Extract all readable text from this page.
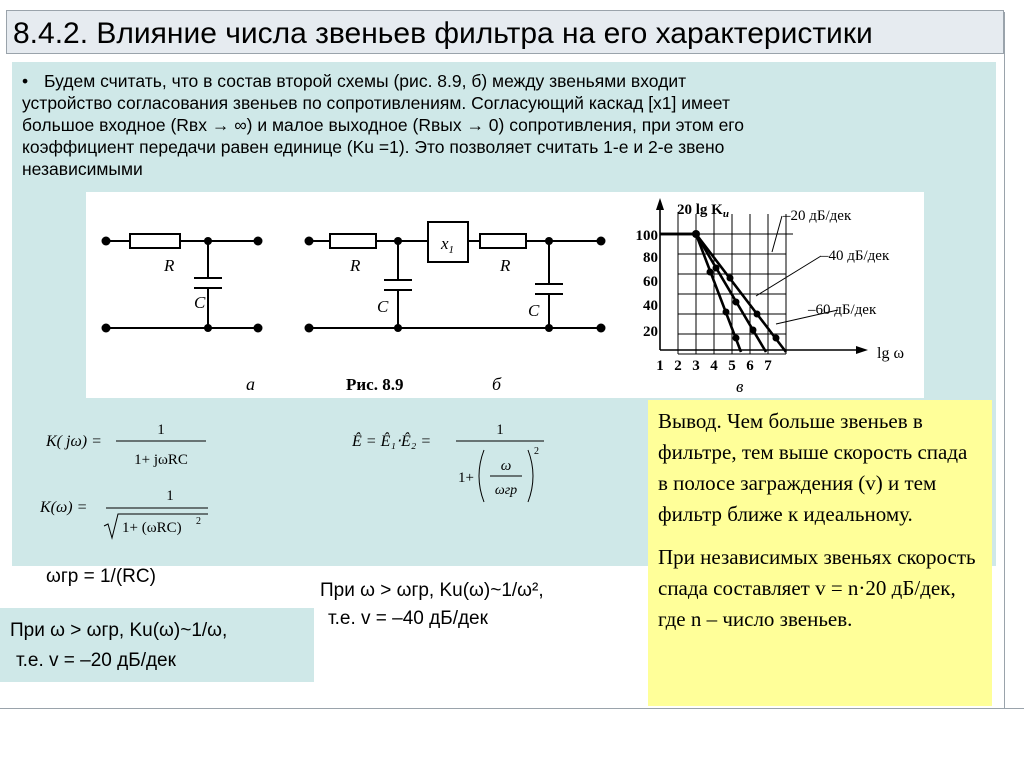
8.4.2. Влияние числа звеньев фильтра на его характеристики
• Будем считать, что в состав второй схемы (рис. 8.9, б) между звеньями входит
устройство согласования звеньев по сопротивлениям. Согласующий каскад [x1] имеет
большое входное (Rвх → ∞) и малое выходное (Rвых → 0) сопротивления, при этом его
коэффициент передачи равен единице (Ku =1). Это позволяет считать 1-е и 2-е звено
независимыми
R
C
$x_1$
R	R
C	C
а	Рис. 8.9	б
20 $\lg K_u$
lg ω
100
80
60
40
20
1 2 3 4 5 6 7
–20 дБ/дек
–40 дБ/дек
–60 дБ/дек
в
K( jω) =
1
1+ jωRC
K(ω) =
1
1+ (ωRC) 2
Ê = Ê₁⋅Ê₂ =
1
1+
ω
ωгр
2
ωгр = 1/(RC)
При ω > ωгр, Ku(ω)~1/ω²,
т.е. v = –40 дБ/дек
При ω > ωгр, Ku(ω)~1/ω,
т.е. v = –20 дБ/дек

Вывод. Чем больше звеньев в фильтре, тем выше скорость спада в полосе заграждения (v) и тем фильтр ближе к идеальному.

При независимых звеньях скорость спада составляет v = n·20 дБ/дек, где n – число звеньев.
